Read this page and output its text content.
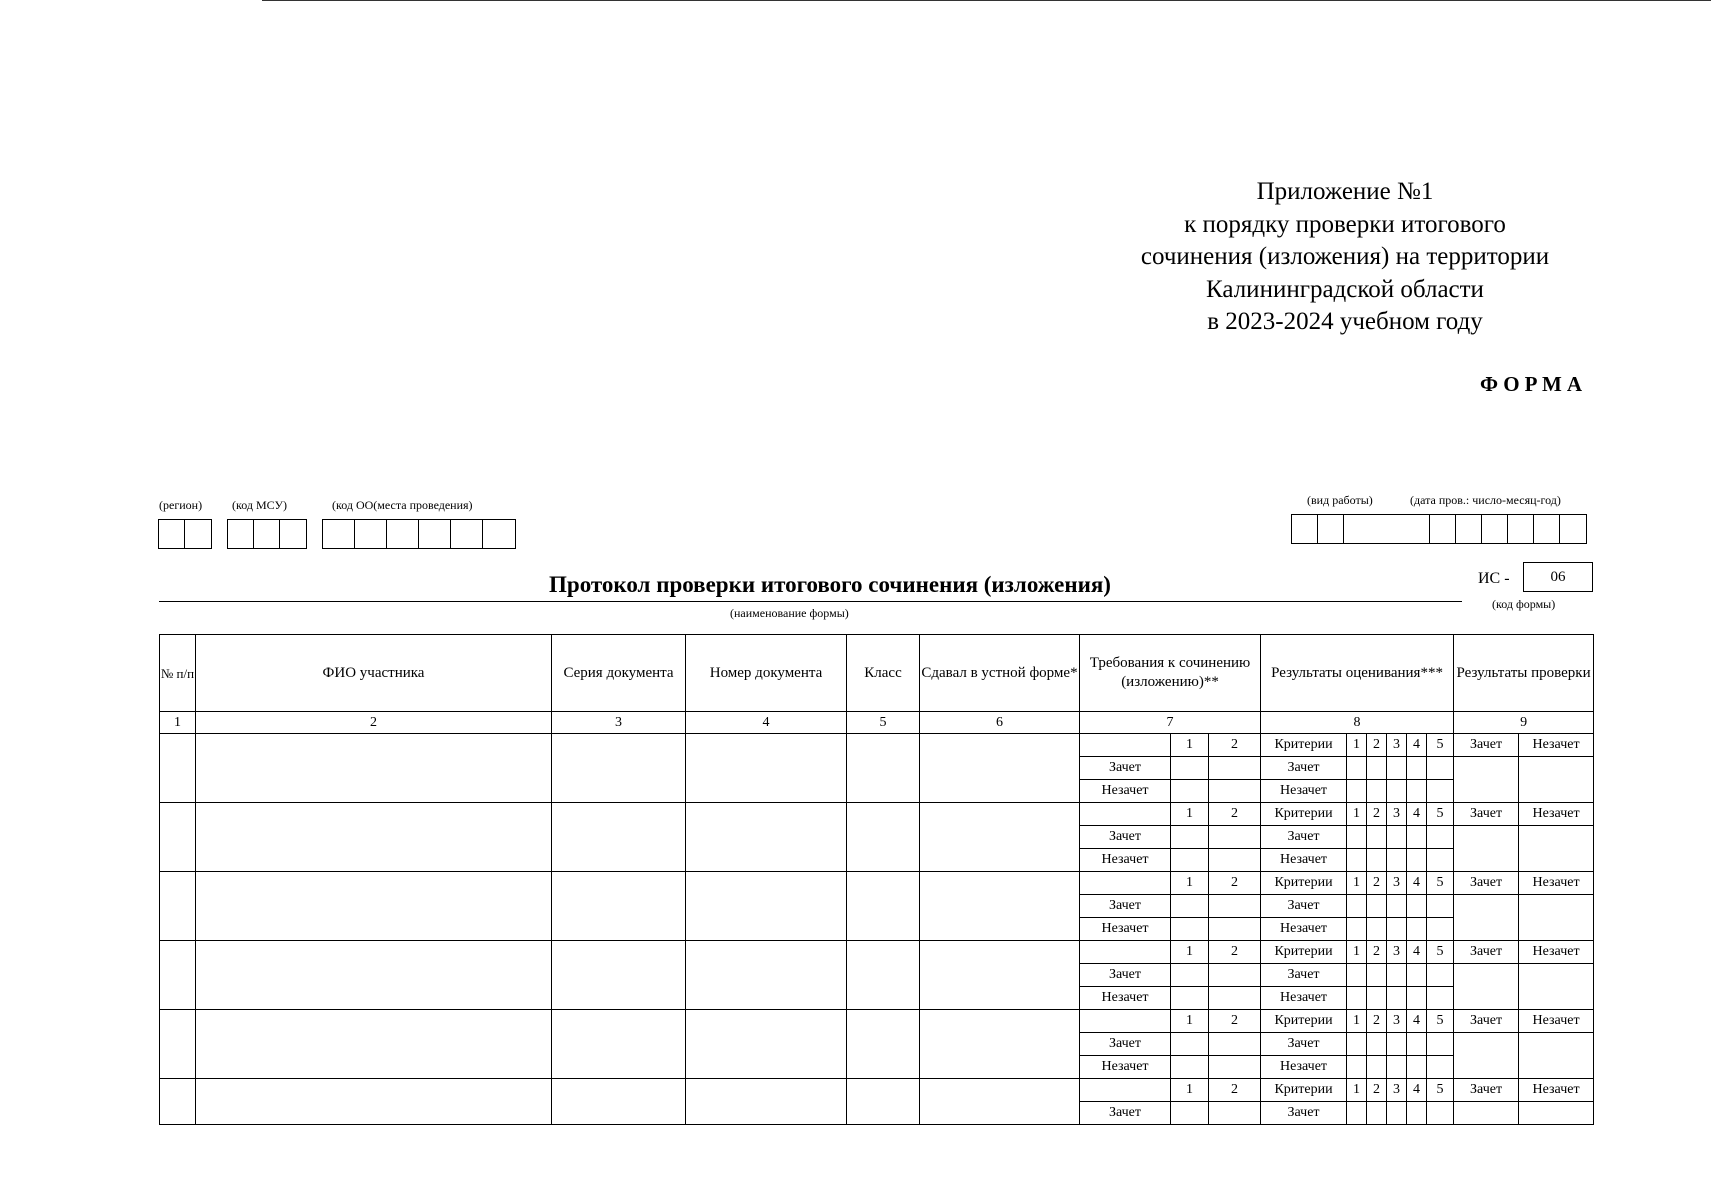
Приложение №1
к порядку проверки итогового
сочинения (изложения) на территории
Калининградской области
в 2023-2024 учебном году
ФОРМА
(регион) (код МСУ)	(код ОО(места проведения)	(вид работы)	(дата пров.: число-месяц-год)
Протокол проверки итогового сочинения (изложения)
(наименование формы)
ИС -	06
(код формы)
№ п/п	ФИО участника	Серия документа	Номер документа	Класс	Сдавал в устной форме*	Требования к сочинению (изложению)**			Результаты оценивания***						Результаты проверки	
1	2	3	4	5	6	7			8						9	
							1	2	Критерии	1	2	3	4	5	Зачет	Незачет
						Зачет			Зачет							
						Незачет			Незачет							
							1	2	Критерии	1	2	3	4	5	Зачет	Незачет
						Зачет			Зачет							
						Незачет			Незачет							
							1	2	Критерии	1	2	3	4	5	Зачет	Незачет
						Зачет			Зачет							
						Незачет			Незачет							
							1	2	Критерии	1	2	3	4	5	Зачет	Незачет
						Зачет			Зачет							
						Незачет			Незачет							
							1	2	Критерии	1	2	3	4	5	Зачет	Незачет
						Зачет			Зачет							
						Незачет			Незачет							
							1	2	Критерии	1	2	3	4	5	Зачет	Незачет
						Зачет			Зачет							
